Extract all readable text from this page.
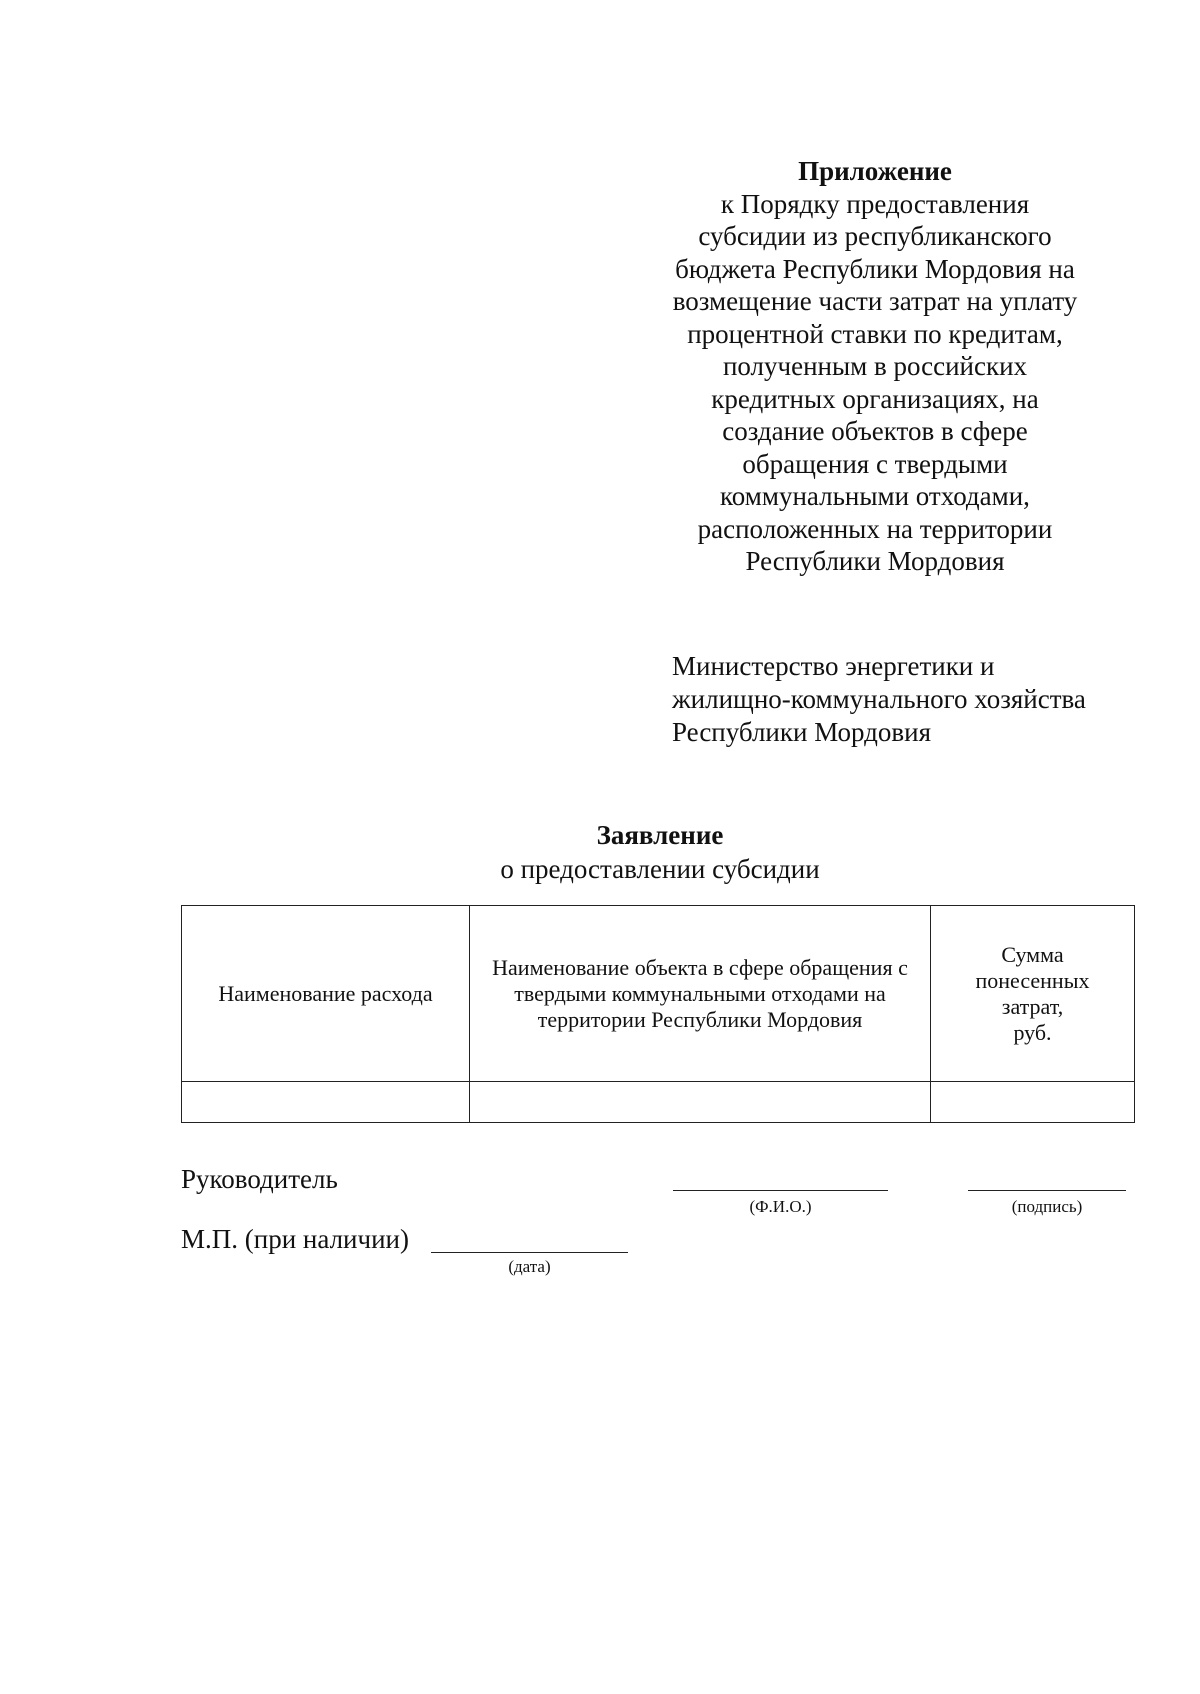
Приложение
к Порядку предоставления
субсидии из республиканского
бюджета Республики Мордовия на
возмещение части затрат на уплату
процентной ставки по кредитам,
полученным в российских
кредитных организациях, на
создание объектов в сфере
обращения с твердыми
коммунальными отходами,
расположенных на территории
Республики Мордовия
Министерство энергетики и
жилищно-коммунального хозяйства
Республики Мордовия
Заявление
о предоставлении субсидии
Наименование расхода	Наименование объекта в сфере обращения с твердыми коммунальными отходами на территории Республики Мордовия	Сумма
понесенных
затрат,
руб.

Руководитель
(Ф.И.О.)	(подпись)
М.П. (при наличии)
(дата)
